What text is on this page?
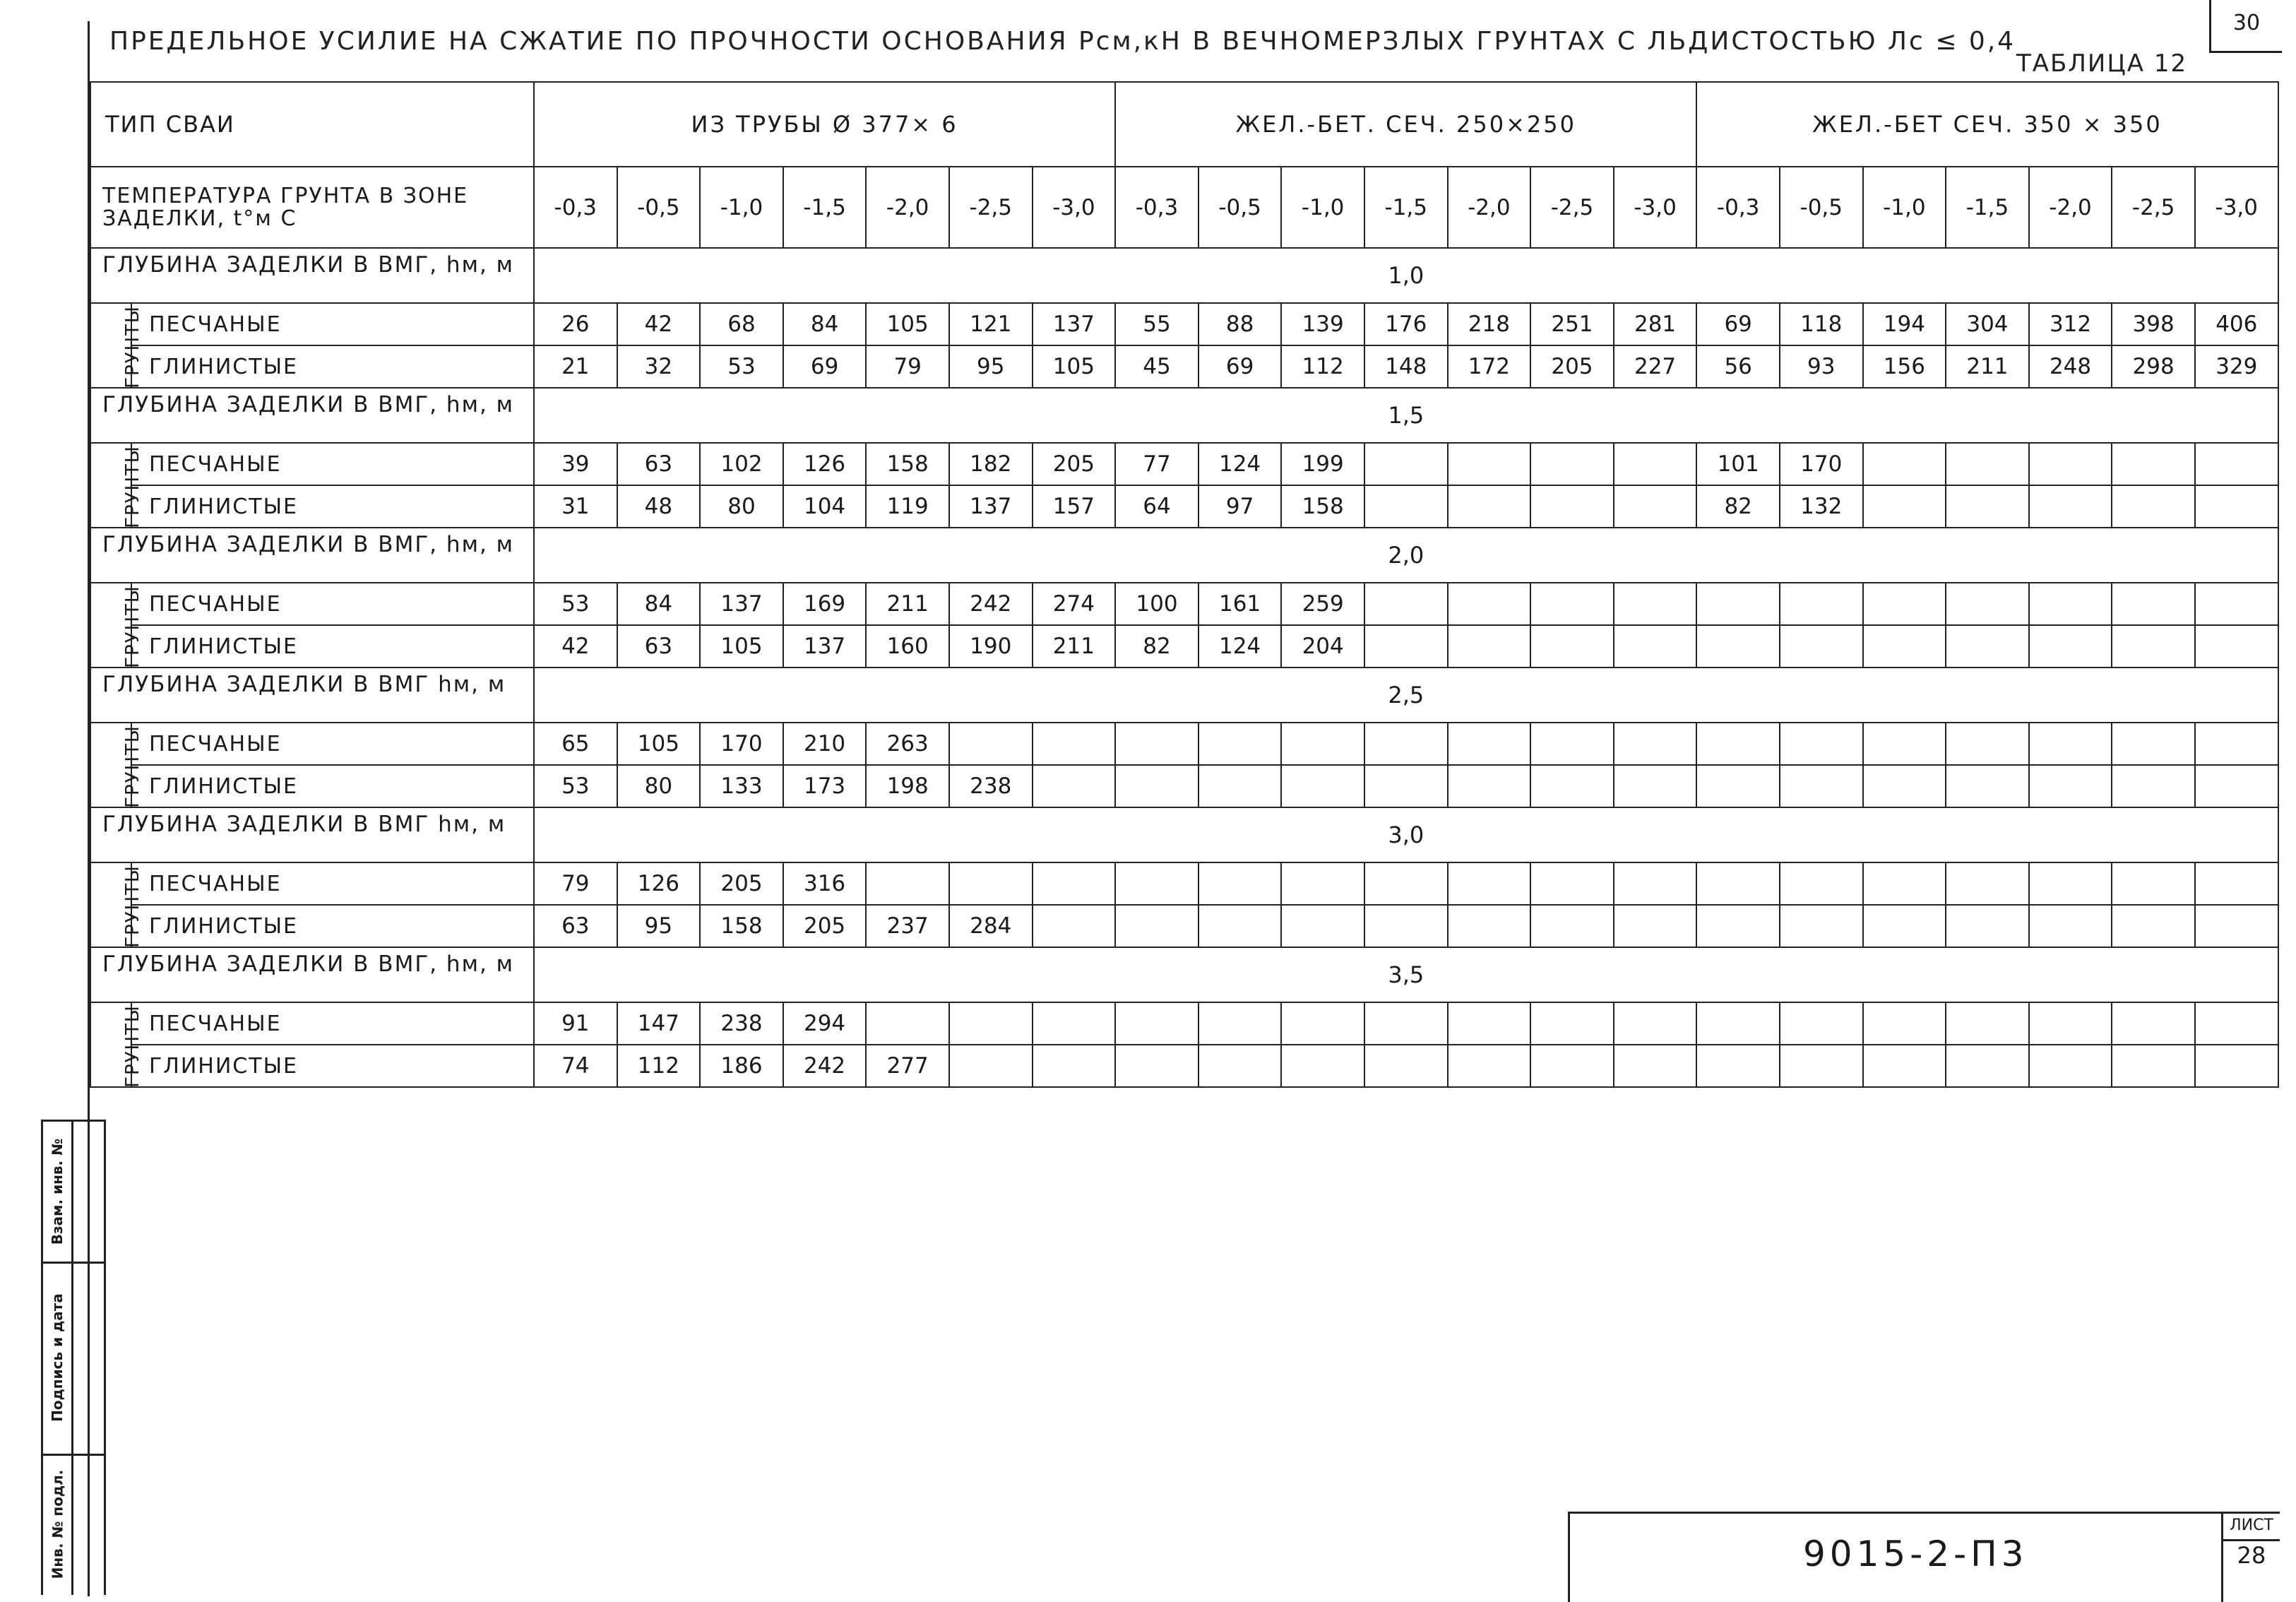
ПРЕДЕЛЬНОЕ УСИЛИЕ НА СЖАТИЕ ПО ПРОЧНОСТИ ОСНОВАНИЯ Рсм,кН В ВЕЧНОМЕРЗЛЫХ ГРУНТАХ С ЛЬДИСТОСТЬЮ Лс ≤ 0,4
ТАБЛИЦА 12
30
ТИП СВАИ		ИЗ ТРУБЫ Ø 377× 6							ЖЕЛ.-БЕТ. СЕЧ. 250×250							ЖЕЛ.-БЕТ СЕЧ. 350 × 350						
ТЕМПЕРАТУРА ГРУНТА В ЗОНЕ ЗАДЕЛКИ, t°м С		-0,3	-0,5	-1,0	-1,5	-2,0	-2,5	-3,0	-0,3	-0,5	-1,0	-1,5	-2,0	-2,5	-3,0	-0,3	-0,5	-1,0	-1,5	-2,0	-2,5	-3,0
ГЛУБИНА ЗАДЕЛКИ В ВМГ, hм, м		1,0																				
ГРУНТЫ	ПЕСЧАНЫЕ	26	42	68	84	105	121	137	55	88	139	176	218	251	281	69	118	194	304	312	398	406
	ГЛИНИСТЫЕ	21	32	53	69	79	95	105	45	69	112	148	172	205	227	56	93	156	211	248	298	329
ГЛУБИНА ЗАДЕЛКИ В ВМГ, hм, м		1,5																				
ГРУНТЫ	ПЕСЧАНЫЕ	39	63	102	126	158	182	205	77	124	199					101	170					
	ГЛИНИСТЫЕ	31	48	80	104	119	137	157	64	97	158					82	132					
ГЛУБИНА ЗАДЕЛКИ В ВМГ, hм, м		2,0																				
ГРУНТЫ	ПЕСЧАНЫЕ	53	84	137	169	211	242	274	100	161	259											
	ГЛИНИСТЫЕ	42	63	105	137	160	190	211	82	124	204											
ГЛУБИНА ЗАДЕЛКИ В ВМГ hм, м		2,5																				
ГРУНТЫ	ПЕСЧАНЫЕ	65	105	170	210	263																
	ГЛИНИСТЫЕ	53	80	133	173	198	238															
ГЛУБИНА ЗАДЕЛКИ В ВМГ hм, м		3,0																				
ГРУНТЫ	ПЕСЧАНЫЕ	79	126	205	316																	
	ГЛИНИСТЫЕ	63	95	158	205	237	284															
ГЛУБИНА ЗАДЕЛКИ В ВМГ, hм, м		3,5																				
ГРУНТЫ	ПЕСЧАНЫЕ	91	147	238	294																	
	ГЛИНИСТЫЕ	74	112	186	242	277																
Взам. инв. №
Подпись и дата
Инв. № подл.	9015-2-П3
ЛИСТ
28
